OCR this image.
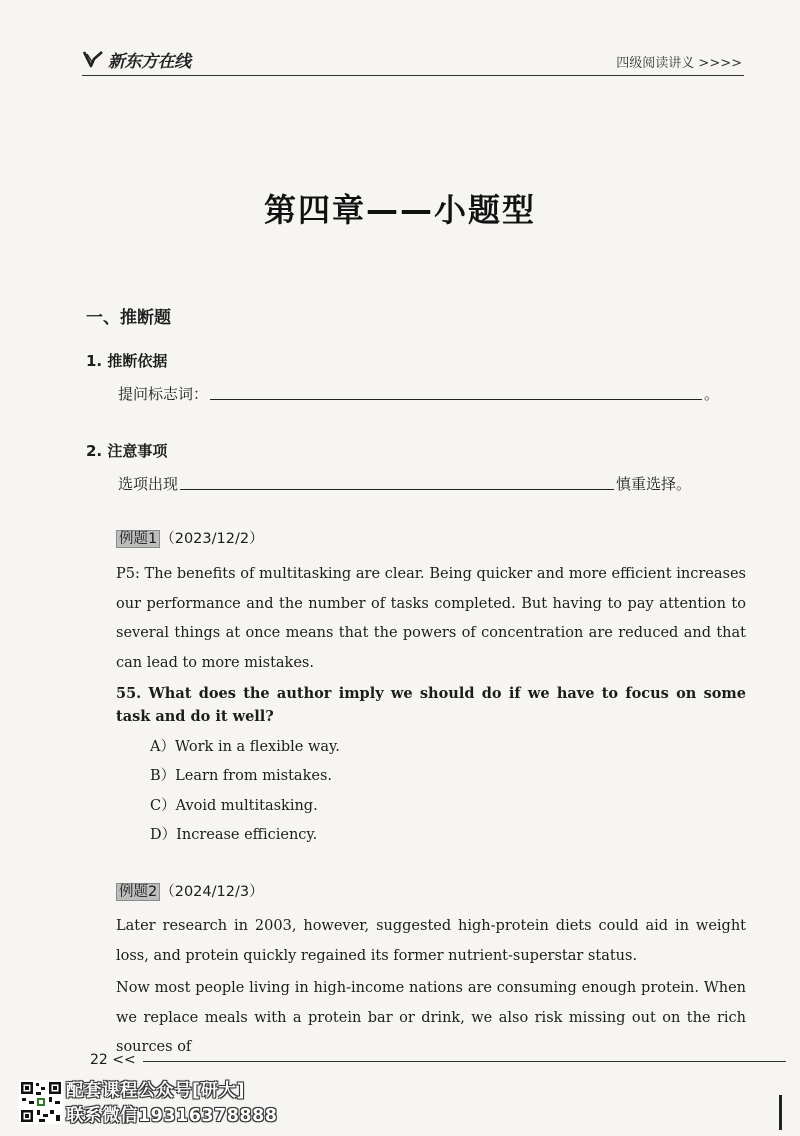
新东方在线	四级阅读讲义 >>>>
第四章——小题型
一、推断题
1. 推断依据
提问标志词：	。
2. 注意事项
选项出现	慎重选择。
例题1 （2023/12/2）
P5: The benefits of multitasking are clear. Being quicker and more efficient increases our performance and the number of tasks completed. But having to pay attention to several things at once means that the powers of concentration are reduced and that can lead to more mistakes.
55. What does the author imply we should do if we have to focus on some task and do it well?
A）Work in a flexible way.
B）Learn from mistakes.
C）Avoid multitasking.
D）Increase efficiency.
例题2 （2024/12/3）
Later research in 2003, however, suggested high-protein diets could aid in weight loss, and protein quickly regained its former nutrient-superstar status.
Now most people living in high-income nations are consuming enough protein. When we replace meals with a protein bar or drink, we also risk missing out on the rich sources of
22 <<
配套课程公众号[研大]
联系微信19316378888
